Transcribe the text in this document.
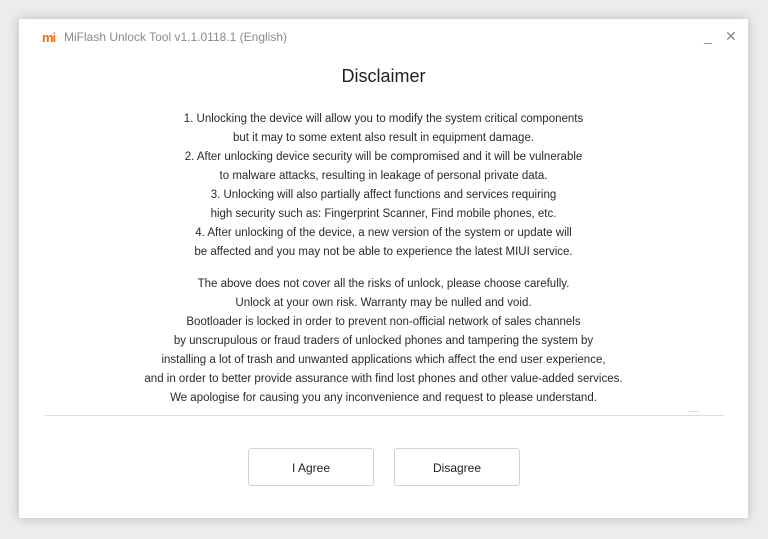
mi MiFlash Unlock Tool v1.1.0118.1 (English)	_ ✕
Disclaimer
1. Unlocking the device will allow you to modify the system critical components
but it may to some extent also result in equipment damage.
2. After unlocking device security will be compromised and it will be vulnerable
to malware attacks, resulting in leakage of personal private data.
3. Unlocking will also partially affect functions and services requiring
high security such as: Fingerprint Scanner, Find mobile phones, etc.
4. After unlocking of the device, a new version of the system or update will
be affected and you may not be able to experience the latest MIUI service.
The above does not cover all the risks of unlock, please choose carefully.
Unlock at your own risk. Warranty may be nulled and void.
Bootloader is locked in order to prevent non-official network of sales channels
by unscrupulous or fraud traders of unlocked phones and tampering the system by
installing a lot of trash and unwanted applications which affect the end user experience,
and in order to better provide assurance with find lost phones and other value-added services.
We apologise for causing you any inconvenience and request to please understand.
I Agree	Disagree
